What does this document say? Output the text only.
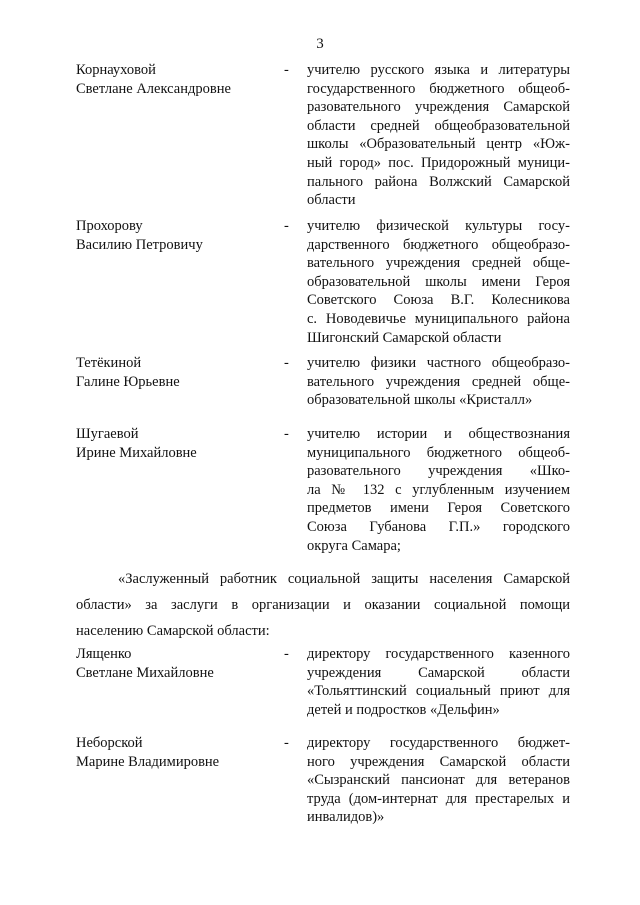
3
Корнауховой
Светлане Александровне
-	учителю русского языка и литературы
государственного бюджетного общеоб-
разовательного учреждения Самарской
области средней общеобразовательной
школы «Образовательный центр «Юж-
ный город» пос. Придорожный муници-
пального района Волжский Самарской
области
Прохорову
Василию Петровичу
-	учителю физической культуры госу-
дарственного бюджетного общеобразо-
вательного учреждения средней обще-
образовательной школы имени Героя
Советского Союза В.Г. Колесникова
с. Новодевичье муниципального района
Шигонский Самарской области
Тетёкиной
Галине Юрьевне
-	учителю физики частного общеобразо-
вательного учреждения средней обще-
образовательной школы «Кристалл»
Шугаевой
Ирине Михайловне
-	учителю истории и обществознания
муниципального бюджетного общеоб-
разовательного учреждения «Шко-
ла № 132 с углубленным изучением
предметов имени Героя Советского
Союза Губанова Г.П.» городского
округа Самара;
«Заслуженный работник социальной защиты населения Самарской
области» за заслуги в организации и оказании социальной помощи
населению Самарской области:
Лященко
Светлане Михайловне
-	директору государственного казенного
учреждения Самарской области
«Тольяттинский социальный приют для
детей и подростков «Дельфин»
Неборской
Марине Владимировне
-	директору государственного бюджет-
ного учреждения Самарской области
«Сызранский пансионат для ветеранов
труда (дом-интернат для престарелых и
инвалидов)»
